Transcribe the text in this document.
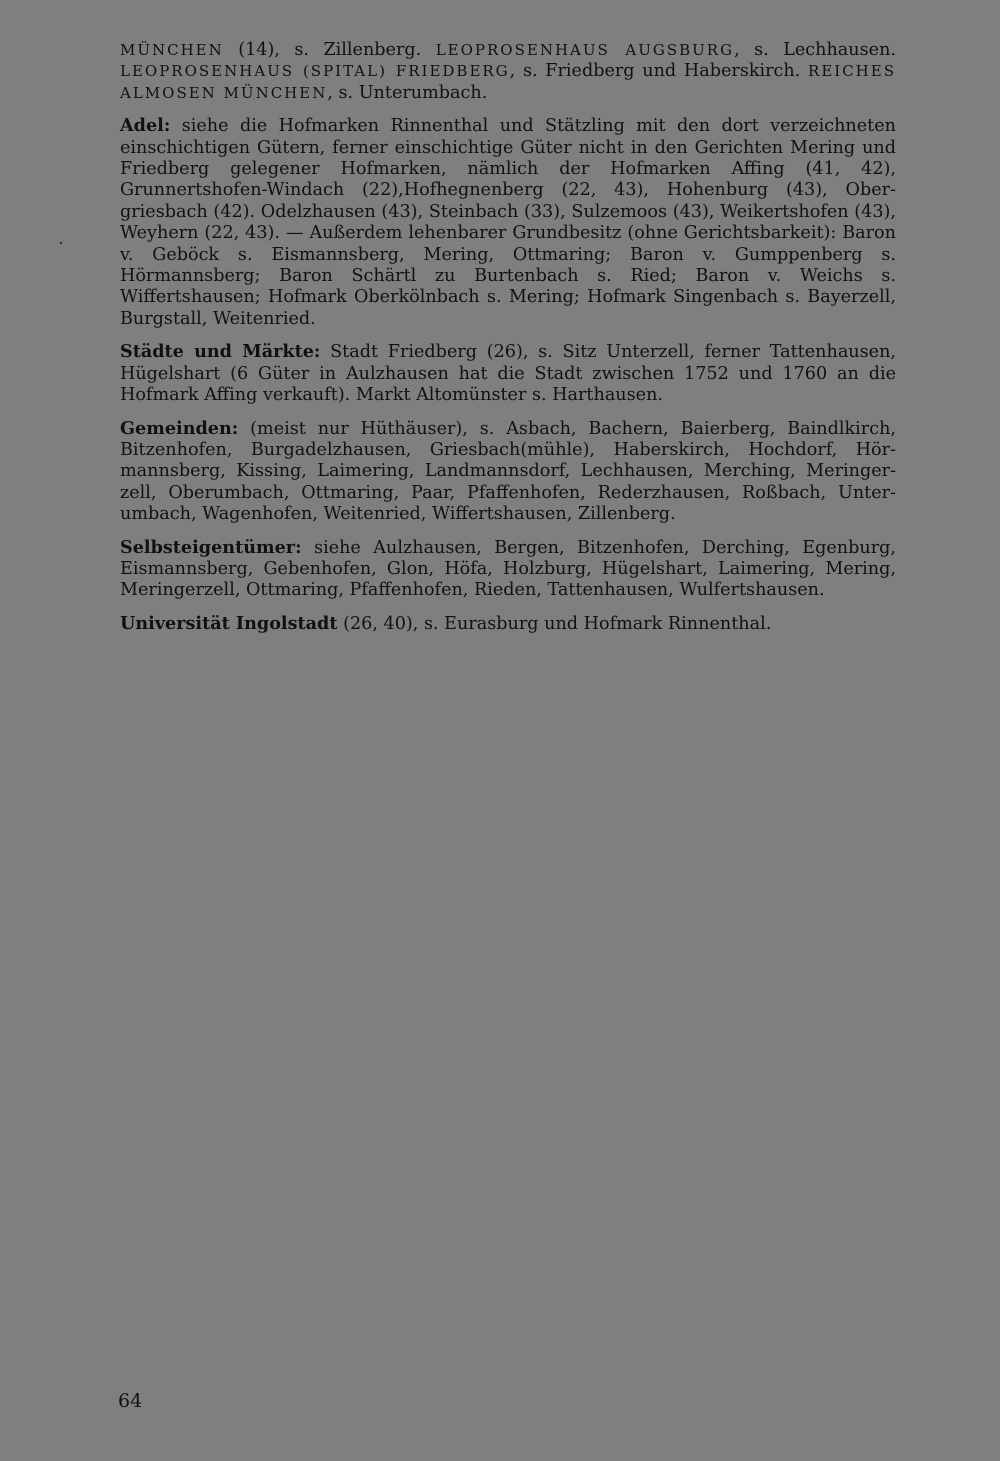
MÜNCHEN (14), s. Zillenberg. LEOPROSENHAUS AUGSBURG, s. Lechhausen. LEOPROSENHAUS (SPITAL) FRIEDBERG, s. Friedberg und Haberskirch. REICHES ALMOSEN MÜNCHEN, s. Unterumbach.

Adel: siehe die Hofmarken Rinnenthal und Stätzling mit den dort verzeichneten einschichtigen Gütern, ferner einschichtige Güter nicht in den Gerichten Mering und Friedberg gelegener Hofmarken, nämlich der Hofmarken Affing (41, 42), Grunnertshofen-Windach (22),Hofhegnenberg (22, 43), Hohenburg (43), Obergriesbach (42). Odelzhausen (43), Steinbach (33), Sulzemoos (43), Weikertshofen (43), Weyhern (22, 43). — Außerdem lehenbarer Grundbesitz (ohne Gerichtsbarkeit): Baron v. Geböck s. Eismannsberg, Mering, Ottmaring; Baron v. Gumppenberg s. Hörmannsberg; Baron Schärtl zu Burtenbach s. Ried; Baron v. Weichs s. Wiffertshausen; Hofmark Oberkölnbach s. Mering; Hofmark Singenbach s. Bayerzell, Burgstall, Weitenried.

Städte und Märkte: Stadt Friedberg (26), s. Sitz Unterzell, ferner Tattenhausen, Hügelshart (6 Güter in Aulzhausen hat die Stadt zwischen 1752 und 1760 an die Hofmark Affing verkauft). Markt Altomünster s. Harthausen.

Gemeinden: (meist nur Hüthäuser), s. Asbach, Bachern, Baierberg, Baindlkirch, Bitzenhofen, Burgadelzhausen, Griesbach(mühle), Haberskirch, Hochdorf, Hörmannsberg, Kissing, Laimering, Landmannsdorf, Lechhausen, Merching, Meringerzell, Oberumbach, Ottmaring, Paar, Pfaffenhofen, Rederzhausen, Roßbach, Unterumbach, Wagenhofen, Weitenried, Wiffertshausen, Zillenberg.

Selbsteigentümer: siehe Aulzhausen, Bergen, Bitzenhofen, Derching, Egenburg, Eismannsberg, Gebenhofen, Glon, Höfa, Holzburg, Hügelshart, Laimering, Mering, Meringerzell, Ottmaring, Pfaffenhofen, Rieden, Tattenhausen, Wulfertshausen.

Universität Ingolstadt (26, 40), s. Eurasburg und Hofmark Rinnenthal.

64
